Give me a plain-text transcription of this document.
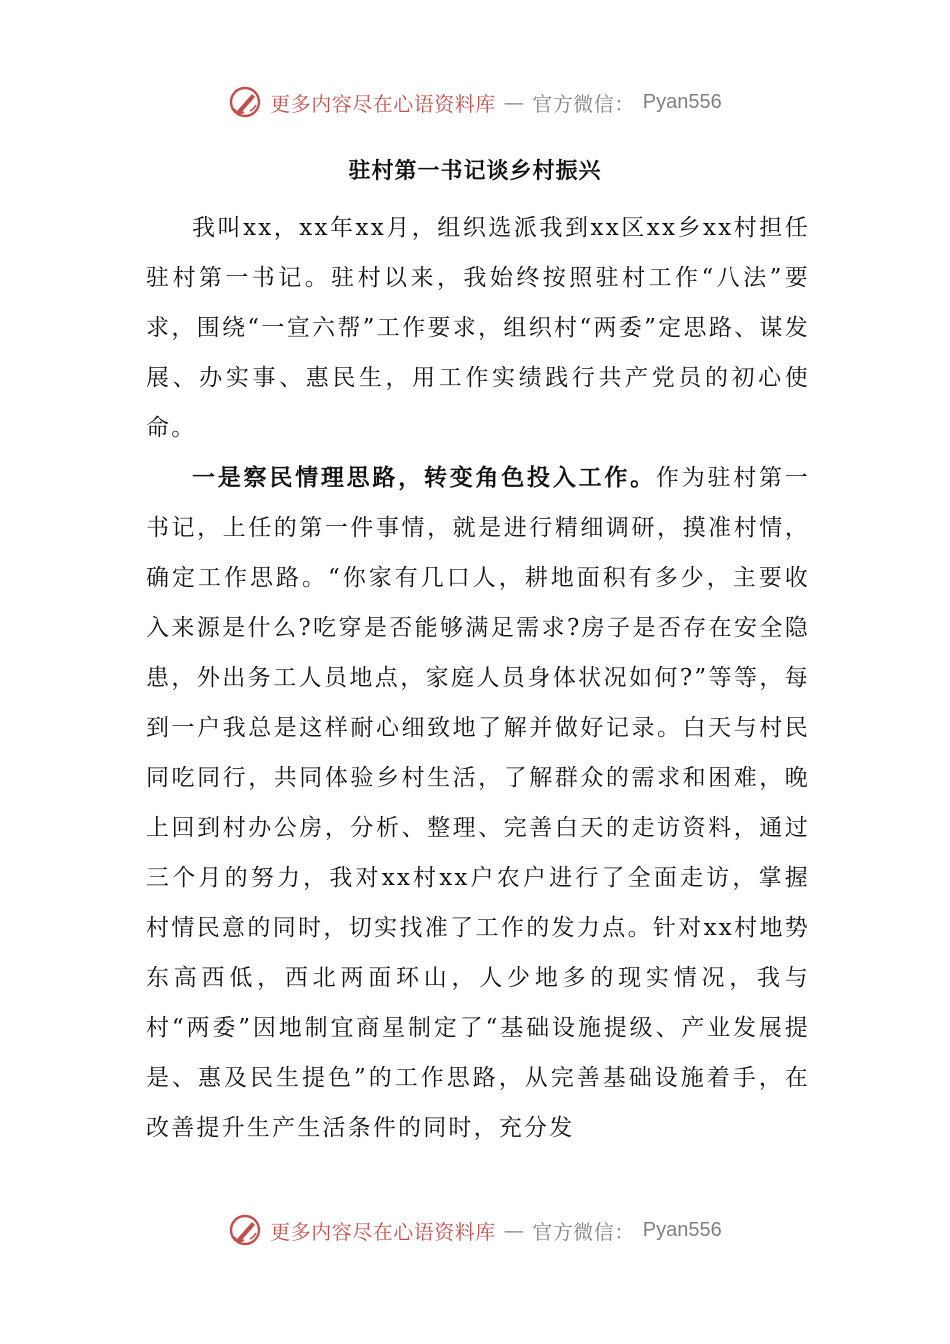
更多内容尽在心语资料库 — 官方微信： Pyan556
驻村第一书记谈乡村振兴

我叫xx，xx年xx月，组织选派我到xx区xx乡xx村担任驻村第一书记。驻村以来，我始终按照驻村工作“八法”要求，围绕“一宣六帮”工作要求，组织村“两委”定思路、谋发展、办实事、惠民生，用工作实绩践行共产党员的初心使命。

一是察民情理思路，转变角色投入工作。作为驻村第一书记，上任的第一件事情，就是进行精细调研，摸准村情，确定工作思路。“你家有几口人，耕地面积有多少，主要收入来源是什么?吃穿是否能够满足需求?房子是否存在安全隐患，外出务工人员地点，家庭人员身体状况如何?”等等，每到一户我总是这样耐心细致地了解并做好记录。白天与村民同吃同行，共同体验乡村生活，了解群众的需求和困难，晚上回到村办公房，分析、整理、完善白天的走访资料，通过三个月的努力，我对xx村xx户农户进行了全面走访，掌握村情民意的同时，切实找准了工作的发力点。针对xx村地势东高西低，西北两面环山，人少地多的现实情况，我与村“两委”因地制宜商星制定了“基础设施提级、产业发展提是、惠及民生提色”的工作思路，从完善基础设施着手，在改善提升生产生活条件的同时，充分发

更多内容尽在心语资料库 — 官方微信： Pyan556
